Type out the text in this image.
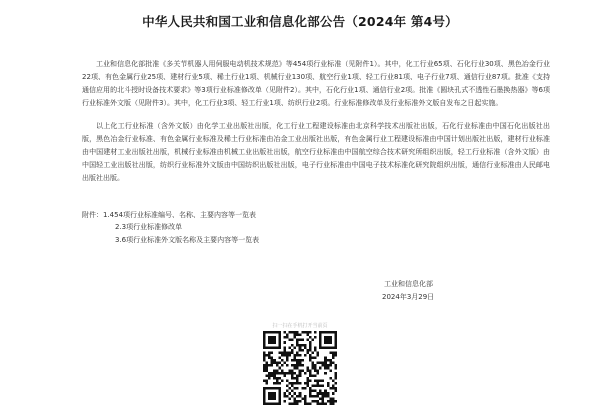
中华人民共和国工业和信息化部公告（2024年 第4号）
工业和信息化部批准《多关节机器人用伺服电动机技术规范》等454项行业标准（见附件1）。其中，化工行业65项、石化行业30项、黑色冶金行业22项、有色金属行业25项、建材行业5项、稀土行业1项、机械行业130项、航空行业1项、轻工行业81项、电子行业7项、通信行业87项。批准《支持通信应用的北斗授时设备技术要求》等3项行业标准修改单（见附件2）。其中，石化行业1项、通信行业2项。批准《圆块孔式不透性石墨换热器》等6项行业标准外文版（见附件3）。其中，化工行业3项、轻工行业1项、纺织行业2项。行业标准修改单及行业标准外文版自发布之日起实施。
以上化工行业标准（含外文版）由化学工业出版社出版，化工行业工程建设标准由北京科学技术出版社出版，石化行业标准由中国石化出版社出版，黑色冶金行业标准、有色金属行业标准及稀土行业标准由冶金工业出版社出版，有色金属行业工程建设标准由中国计划出版社出版，建材行业标准由中国建材工业出版社出版，机械行业标准由机械工业出版社出版，航空行业标准由中国航空综合技术研究所组织出版，轻工行业标准（含外文版）由中国轻工业出版社出版，纺织行业标准外文版由中国纺织出版社出版，电子行业标准由中国电子技术标准化研究院组织出版，通信行业标准由人民邮电出版社出版。
附件：1.454项行业标准编号、名称、主要内容等一览表
2.3项行业标准修改单
3.6项行业标准外文版名称及主要内容等一览表
工业和信息化部
2024年3月29日
扫一扫在手机打开当前页
